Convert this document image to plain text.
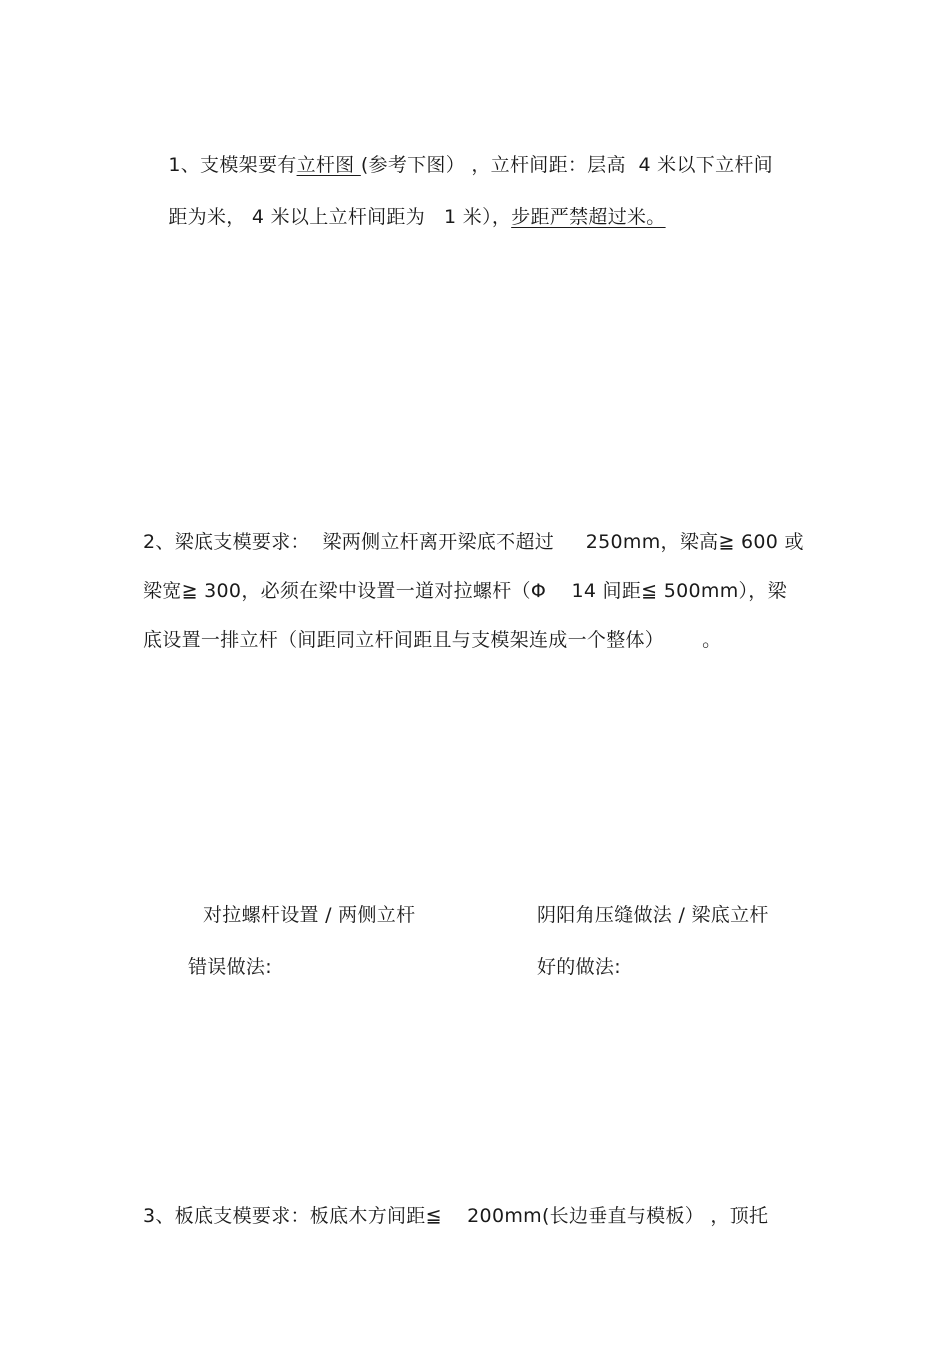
1、支模架要有立杆图 (参考下图） ，立杆间距：层高  4 米以下立杆间

距为米， 4 米以上立杆间距为   1 米），步距严禁超过米。

2、梁底支模要求：  梁两侧立杆离开梁底不超过     250mm，梁高≧ 600 或
梁宽≧ 300，必须在梁中设置一道对拉螺杆（Φ    14 间距≦ 500mm），梁
底设置一排立杆（间距同立杆间距且与支模架连成一个整体）      。
对拉螺杆设置 / 两侧立杆
错误做法:
阴阳角压缝做法 / 梁底立杆
好的做法:
3、板底支模要求：板底木方间距≦    200mm(长边垂直与模板） ，顶托
